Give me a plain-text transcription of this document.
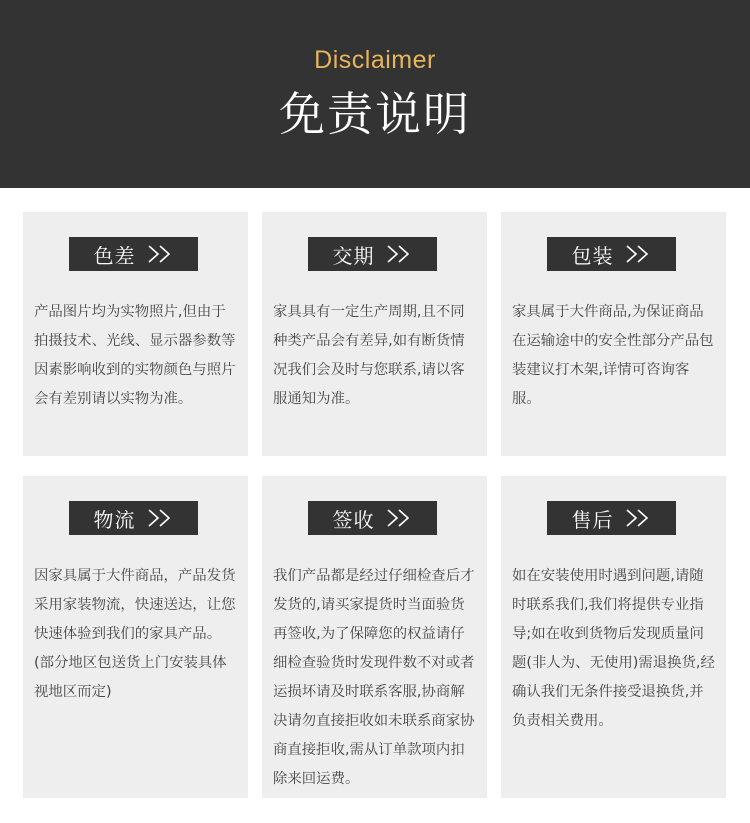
Disclaimer
免责说明
色差

产品图片均为实物照片,但由于拍摄技术、光线、显示器参数等因素影响收到的实物颜色与照片会有差别请以实物为准。

交期

家具具有一定生产周期,且不同种类产品会有差异,如有断货情况我们会及时与您联系,请以客服通知为准。

包装

家具属于大件商品,为保证商品在运输途中的安全性部分产品包装建议打木架,详情可咨询客服。

物流

因家具属于大件商品，产品发货采用家装物流，快速送达，让您快速体验到我们的家具产品。(部分地区包送货上门安装具体视地区而定)

签收

我们产品都是经过仔细检查后才发货的,请买家提货时当面验货再签收,为了保障您的权益请仔细检查验货时发现件数不对或者运损坏请及时联系客服,协商解决请勿直接拒收如未联系商家协商直接拒收,需从订单款项内扣除来回运费。

售后

如在安装使用时遇到问题,请随时联系我们,我们将提供专业指导;如在收到货物后发现质量问题(非人为、无使用)需退换货,经确认我们无条件接受退换货,并负责相关费用。
